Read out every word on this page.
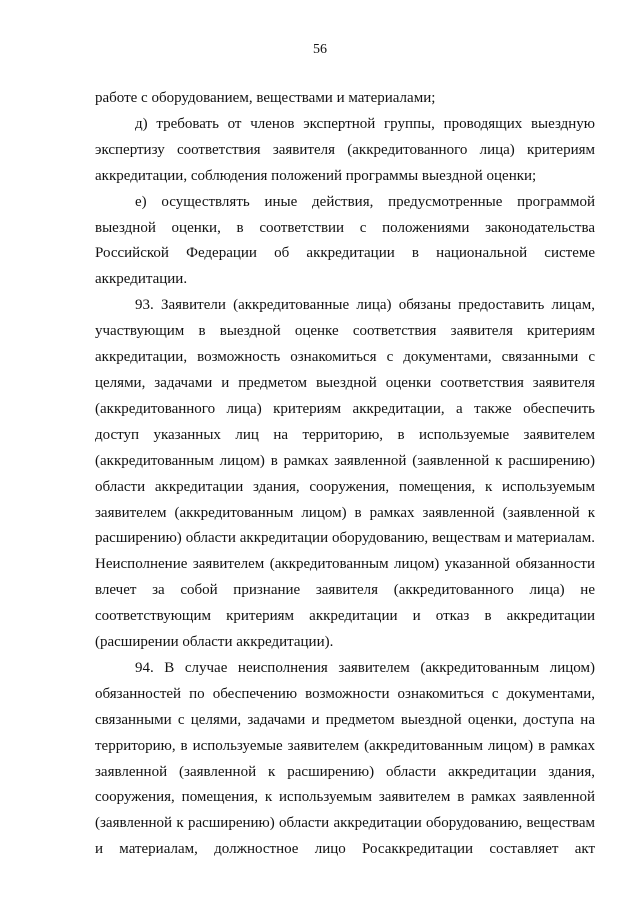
56

работе с оборудованием, веществами и материалами;

д) требовать от членов экспертной группы, проводящих выездную экспертизу соответствия заявителя (аккредитованного лица) критериям аккредитации, соблюдения положений программы выездной оценки;

е) осуществлять иные действия, предусмотренные программой выездной оценки, в соответствии с положениями законодательства Российской Федерации об аккредитации в национальной системе аккредитации.

93. Заявители (аккредитованные лица) обязаны предоставить лицам, участвующим в выездной оценке соответствия заявителя критериям аккредитации, возможность ознакомиться с документами, связанными с целями, задачами и предметом выездной оценки соответствия заявителя (аккредитованного лица) критериям аккредитации, а также обеспечить доступ указанных лиц на территорию, в используемые заявителем (аккредитованным лицом) в рамках заявленной (заявленной к расширению) области аккредитации здания, сооружения, помещения, к используемым заявителем (аккредитованным лицом) в рамках заявленной (заявленной к расширению) области аккредитации оборудованию, веществам и материалам. Неисполнение заявителем (аккредитованным лицом) указанной обязанности влечет за собой признание заявителя (аккредитованного лица) не соответствующим критериям аккредитации и отказ в аккредитации (расширении области аккредитации).

94. В случае неисполнения заявителем (аккредитованным лицом) обязанностей по обеспечению возможности ознакомиться с документами, связанными с целями, задачами и предметом выездной оценки, доступа на территорию, в используемые заявителем (аккредитованным лицом) в рамках заявленной (заявленной к расширению) области аккредитации здания, сооружения, помещения, к используемым заявителем в рамках заявленной (заявленной к расширению) области аккредитации оборудованию, веществам и материалам, должностное лицо Росаккредитации составляет акт
